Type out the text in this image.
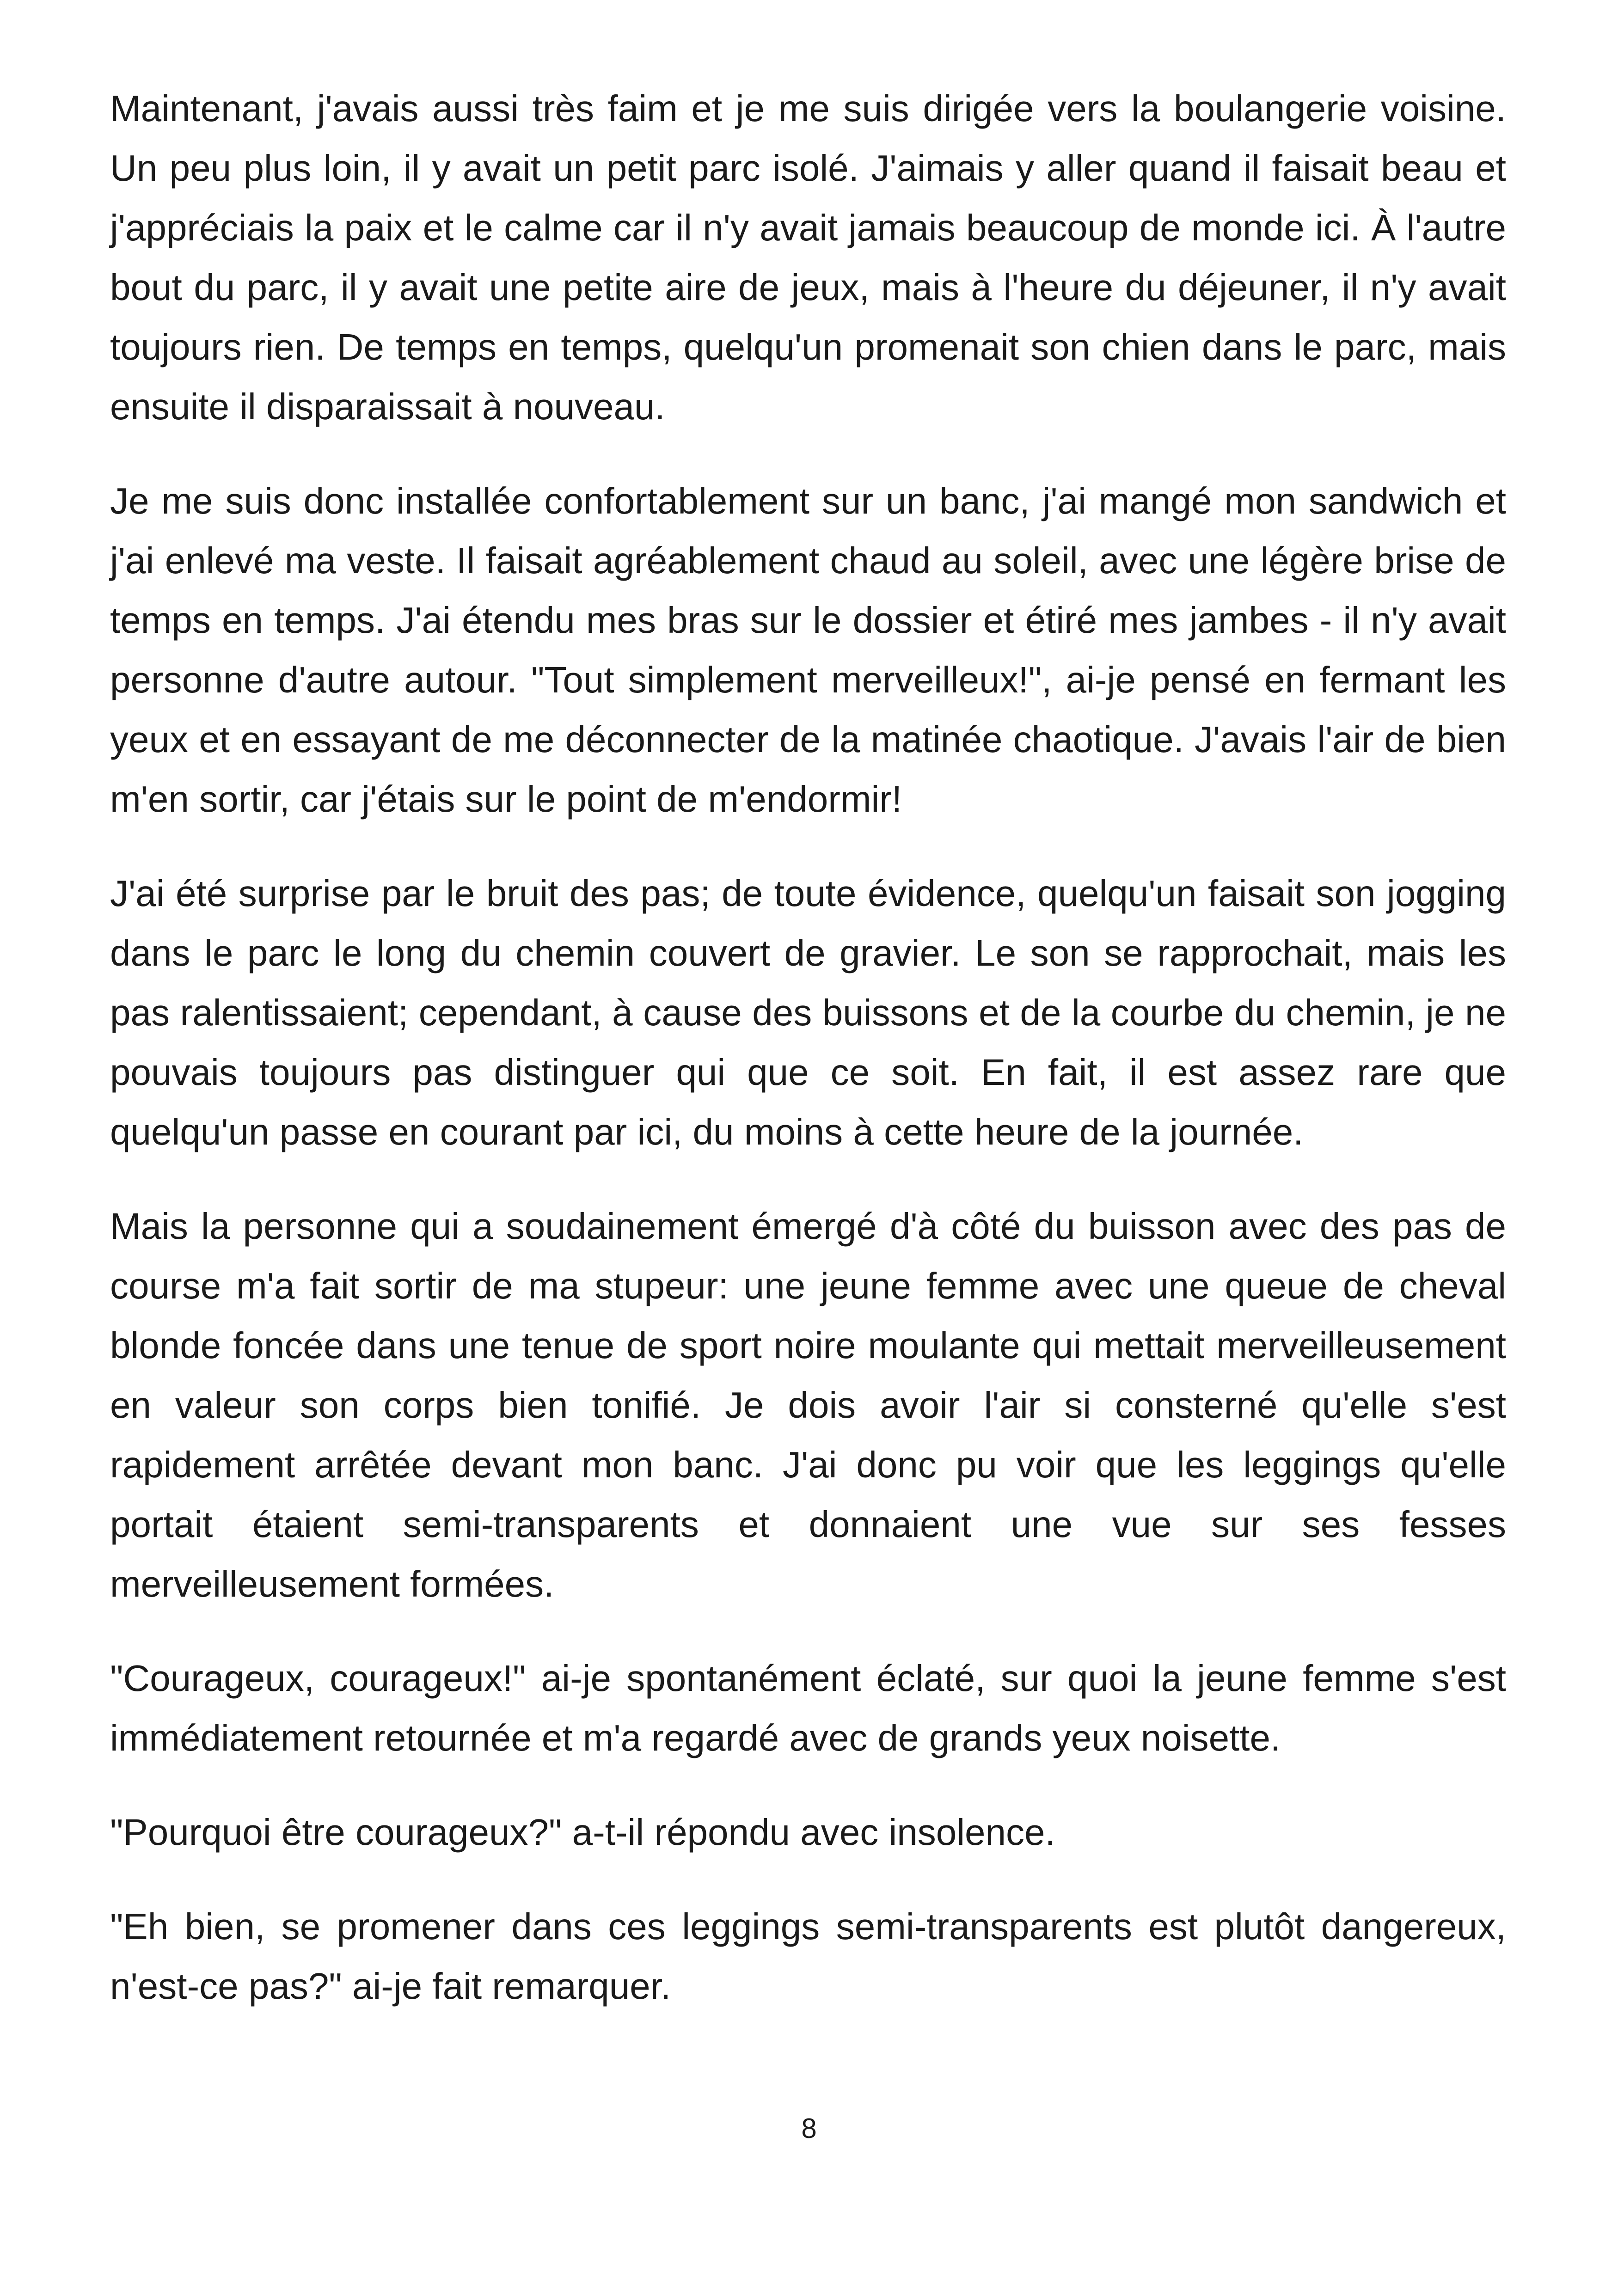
Maintenant, j'avais aussi très faim et je me suis dirigée vers la boulangerie voisine. Un peu plus loin, il y avait un petit parc isolé. J'aimais y aller quand il faisait beau et j'appréciais la paix et le calme car il n'y avait jamais beaucoup de monde ici. À l'autre bout du parc, il y avait une petite aire de jeux, mais à l'heure du déjeuner, il n'y avait toujours rien. De temps en temps, quelqu'un promenait son chien dans le parc, mais ensuite il disparaissait à nouveau.

Je me suis donc installée confortablement sur un banc, j'ai mangé mon sandwich et j'ai enlevé ma veste. Il faisait agréablement chaud au soleil, avec une légère brise de temps en temps. J'ai étendu mes bras sur le dossier et étiré mes jambes - il n'y avait personne d'autre autour. "Tout simplement merveilleux!", ai-je pensé en fermant les yeux et en essayant de me déconnecter de la matinée chaotique. J'avais l'air de bien m'en sortir, car j'étais sur le point de m'endormir!

J'ai été surprise par le bruit des pas; de toute évidence, quelqu'un faisait son jogging dans le parc le long du chemin couvert de gravier. Le son se rapprochait, mais les pas ralentissaient; cependant, à cause des buissons et de la courbe du chemin, je ne pouvais toujours pas distinguer qui que ce soit. En fait, il est assez rare que quelqu'un passe en courant par ici, du moins à cette heure de la journée.

Mais la personne qui a soudainement émergé d'à côté du buisson avec des pas de course m'a fait sortir de ma stupeur: une jeune femme avec une queue de cheval blonde foncée dans une tenue de sport noire moulante qui mettait merveilleusement en valeur son corps bien tonifié. Je dois avoir l'air si consterné qu'elle s'est rapidement arrêtée devant mon banc. J'ai donc pu voir que les leggings qu'elle portait étaient semi-transparents et donnaient une vue sur ses fesses merveilleusement formées.

"Courageux, courageux!" ai-je spontanément éclaté, sur quoi la jeune femme s'est immédiatement retournée et m'a regardé avec de grands yeux noisette.

"Pourquoi être courageux?" a-t-il répondu avec insolence.

"Eh bien, se promener dans ces leggings semi-transparents est plutôt dangereux, n'est-ce pas?" ai-je fait remarquer.

8
